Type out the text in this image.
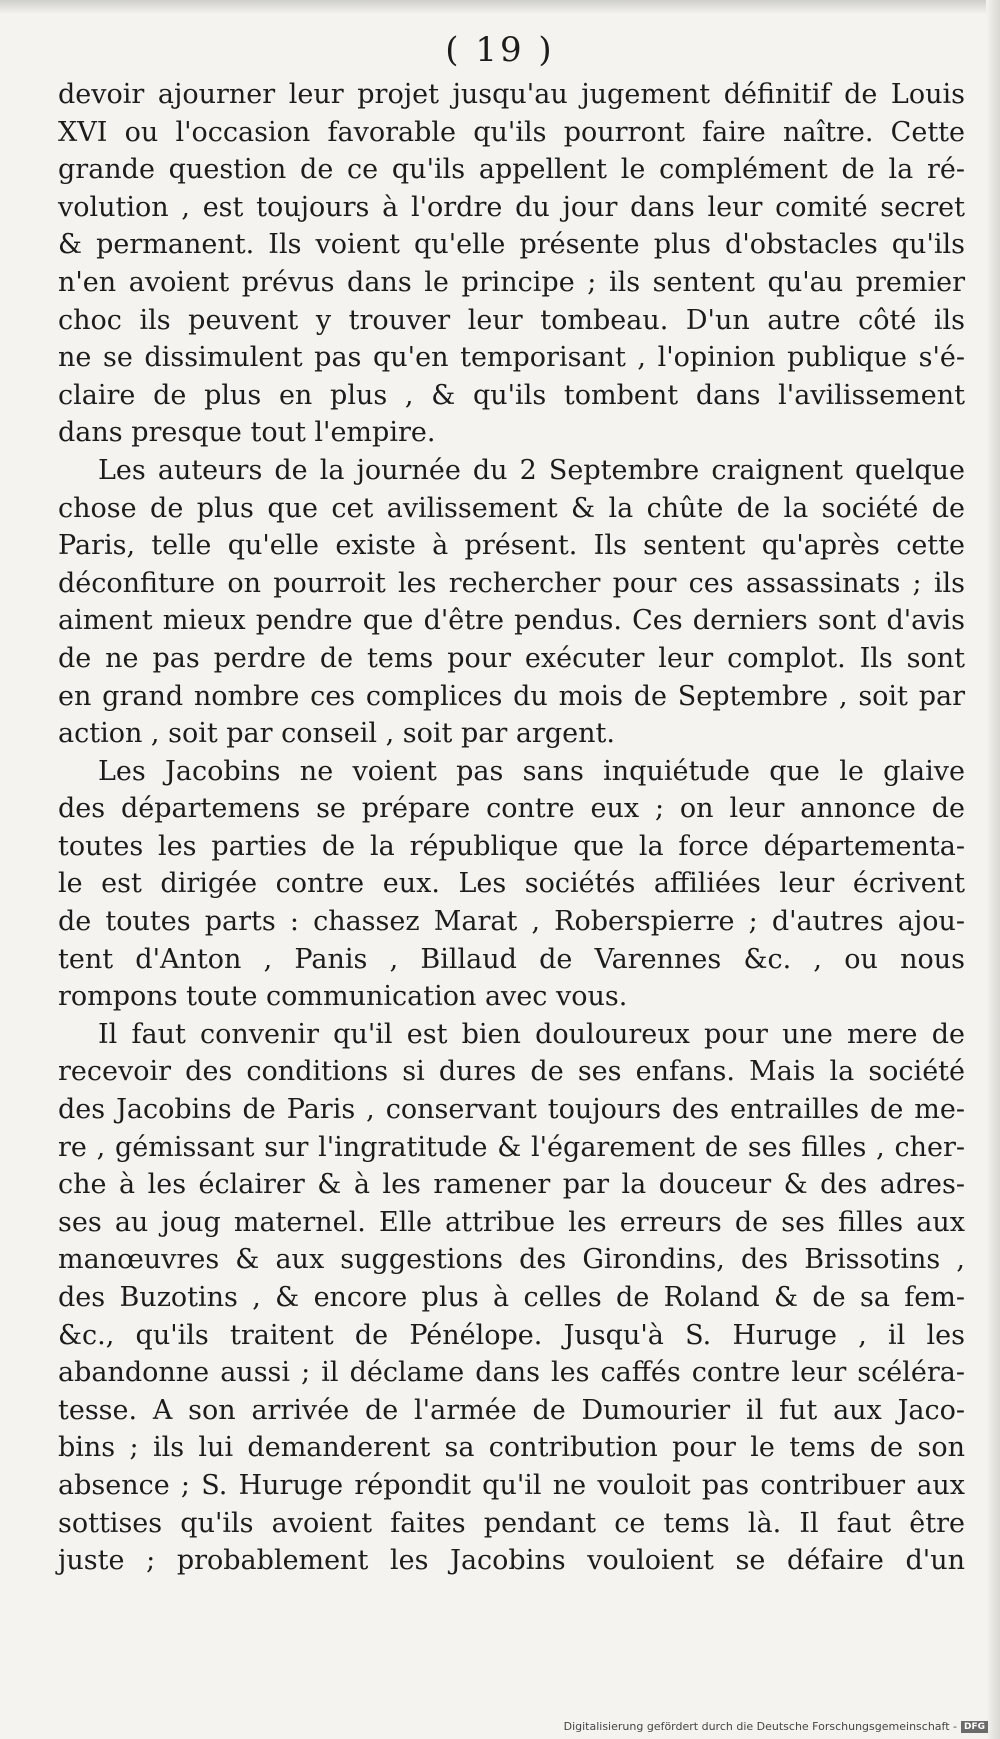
( 19 )
devoir ajourner leur projet jusqu'au jugement définitif de Louis
XVI ou l'occasion favorable qu'ils pourront faire naître. Cette
grande question de ce qu'ils appellent le complément de la ré-
volution , est toujours à l'ordre du jour dans leur comité secret
& permanent. Ils voient qu'elle présente plus d'obstacles qu'ils
n'en avoient prévus dans le principe ; ils sentent qu'au premier
choc ils peuvent y trouver leur tombeau. D'un autre côté ils
ne se dissimulent pas qu'en temporisant , l'opinion publique s'é-
claire de plus en plus , & qu'ils tombent dans l'avilissement
dans presque tout l'empire.
Les auteurs de la journée du 2 Septembre craignent quelque
chose de plus que cet avilissement & la chûte de la société de
Paris, telle qu'elle existe à présent. Ils sentent qu'après cette
déconfiture on pourroit les rechercher pour ces assassinats ; ils
aiment mieux pendre que d'être pendus. Ces derniers sont d'avis
de ne pas perdre de tems pour exécuter leur complot. Ils sont
en grand nombre ces complices du mois de Septembre , soit par
action , soit par conseil , soit par argent.
Les Jacobins ne voient pas sans inquiétude que le glaive
des départemens se prépare contre eux ; on leur annonce de
toutes les parties de la république que la force départementa-
le est dirigée contre eux. Les sociétés affiliées leur écrivent
de toutes parts : chassez Marat , Roberspierre ; d'autres ajou-
tent d'Anton , Panis , Billaud de Varennes &c. , ou nous
rompons toute communication avec vous.
Il faut convenir qu'il est bien douloureux pour une mere de
recevoir des conditions si dures de ses enfans. Mais la société
des Jacobins de Paris , conservant toujours des entrailles de me-
re , gémissant sur l'ingratitude & l'égarement de ses filles , cher-
che à les éclairer & à les ramener par la douceur & des adres-
ses au joug maternel. Elle attribue les erreurs de ses filles aux
manœuvres & aux suggestions des Girondins, des Brissotins ,
des Buzotins , & encore plus à celles de Roland & de sa fem-
&c., qu'ils traitent de Pénélope. Jusqu'à S. Huruge , il les
abandonne aussi ; il déclame dans les caffés contre leur scélérа-
tesse. A son arrivée de l'armée de Dumourier il fut aux Jaco-
bins ; ils lui demanderent sa contribution pour le tems de son
absence ; S. Huruge répondit qu'il ne vouloit pas contribuer aux
sottises qu'ils avoient faites pendant ce tems là. Il faut être
juste ; probablement les Jacobins vouloient se défaire d'un
Digitalisierung gefördert durch die Deutsche Forschungsgemeinschaft - DFG
